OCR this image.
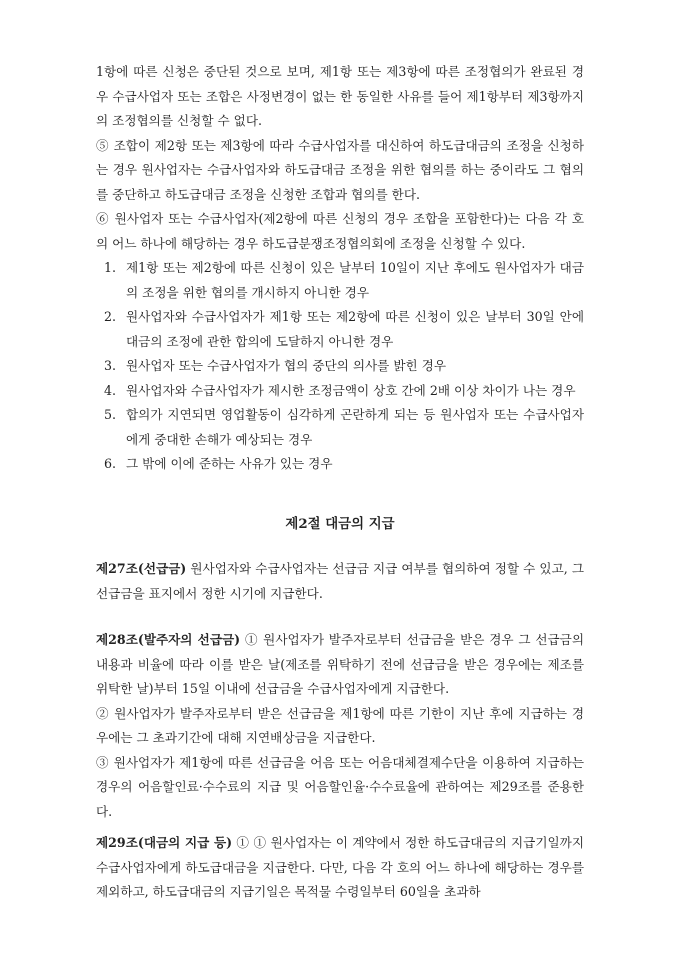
1항에 따른 신청은 중단된 것으로 보며, 제1항 또는 제3항에 따른 조정협의가 완료된 경우 수급사업자 또는 조합은 사정변경이 없는 한 동일한 사유를 들어 제1항부터 제3항까지의 조정협의를 신청할 수 없다.

⑤ 조합이 제2항 또는 제3항에 따라 수급사업자를 대신하여 하도급대금의 조정을 신청하는 경우 원사업자는 수급사업자와 하도급대금 조정을 위한 협의를 하는 중이라도 그 협의를 중단하고 하도급대금 조정을 신청한 조합과 협의를 한다.

⑥ 원사업자 또는 수급사업자(제2항에 따른 신청의 경우 조합을 포함한다)는 다음 각 호의 어느 하나에 해당하는 경우 하도급분쟁조정협의회에 조정을 신청할 수 있다.

1. 제1항 또는 제2항에 따른 신청이 있은 날부터 10일이 지난 후에도 원사업자가 대금의 조정을 위한 협의를 개시하지 아니한 경우
2. 원사업자와 수급사업자가 제1항 또는 제2항에 따른 신청이 있은 날부터 30일 안에 대금의 조정에 관한 합의에 도달하지 아니한 경우
3. 원사업자 또는 수급사업자가 협의 중단의 의사를 밝힌 경우
4. 원사업자와 수급사업자가 제시한 조정금액이 상호 간에 2배 이상 차이가 나는 경우
5. 합의가 지연되면 영업활동이 심각하게 곤란하게 되는 등 원사업자 또는 수급사업자에게 중대한 손해가 예상되는 경우
6. 그 밖에 이에 준하는 사유가 있는 경우
제2절 대금의 지급

제27조(선급금) 원사업자와 수급사업자는 선급금 지급 여부를 협의하여 정할 수 있고, 그 선급금을 표지에서 정한 시기에 지급한다.

제28조(발주자의 선급금) ① 원사업자가 발주자로부터 선급금을 받은 경우 그 선급금의 내용과 비율에 따라 이를 받은 날(제조를 위탁하기 전에 선급금을 받은 경우에는 제조를 위탁한 날)부터 15일 이내에 선급금을 수급사업자에게 지급한다.

② 원사업자가 발주자로부터 받은 선급금을 제1항에 따른 기한이 지난 후에 지급하는 경우에는 그 초과기간에 대해 지연배상금을 지급한다.

③ 원사업자가 제1항에 따른 선급금을 어음 또는 어음대체결제수단을 이용하여 지급하는 경우의 어음할인료·수수료의 지급 및 어음할인율·수수료율에 관하여는 제29조를 준용한다.

제29조(대금의 지급 등) ① ① 원사업자는 이 계약에서 정한 하도급대금의 지급기일까지 수급사업자에게 하도급대금을 지급한다. 다만, 다음 각 호의 어느 하나에 해당하는 경우를 제외하고, 하도급대금의 지급기일은 목적물 수령일부터 60일을 초과하
